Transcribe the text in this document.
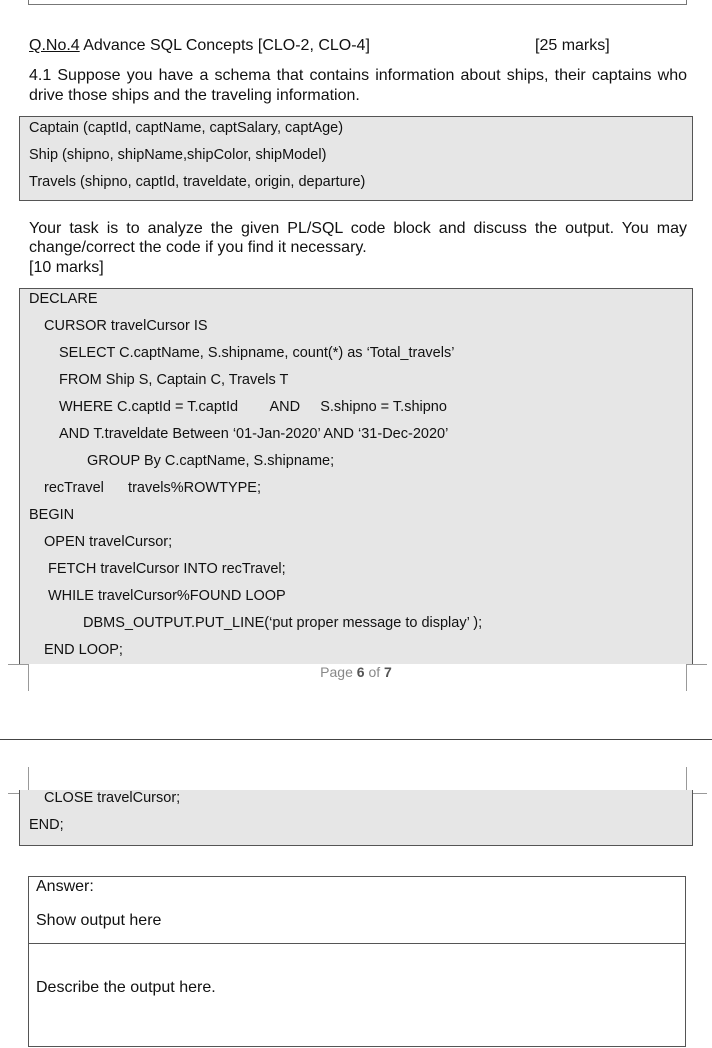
Q.No.4 Advance SQL Concepts [CLO-2, CLO-4]	[25 marks]
4.1 Suppose you have a schema that contains information about ships, their captains who drive those ships and the traveling information.
Captain (captId, captName, captSalary, captAge)
Ship (shipno, shipName,shipColor, shipModel)
Travels (shipno, captId, traveldate, origin, departure)
Your task is to analyze the given PL/SQL code block and discuss the output. You may change/correct the code if you find it necessary.
[10 marks]
DECLARE
CURSOR travelCursor IS
SELECT C.captName, S.shipname, count(*) as ‘Total_travels’
FROM Ship S, Captain C, Travels T
WHERE C.captId = T.captId        AND     S.shipno = T.shipno
AND T.traveldate Between ‘01-Jan-2020’ AND ‘31-Dec-2020’
GROUP By C.captName, S.shipname;
recTravel      travels%ROWTYPE;
BEGIN
OPEN travelCursor;
FETCH travelCursor INTO recTravel;
WHILE travelCursor%FOUND LOOP
DBMS_OUTPUT.PUT_LINE(‘put proper message to display’ );
END LOOP;
Page 6 of 7
CLOSE travelCursor;
END;
Answer:
Show output here
Describe the output here.
